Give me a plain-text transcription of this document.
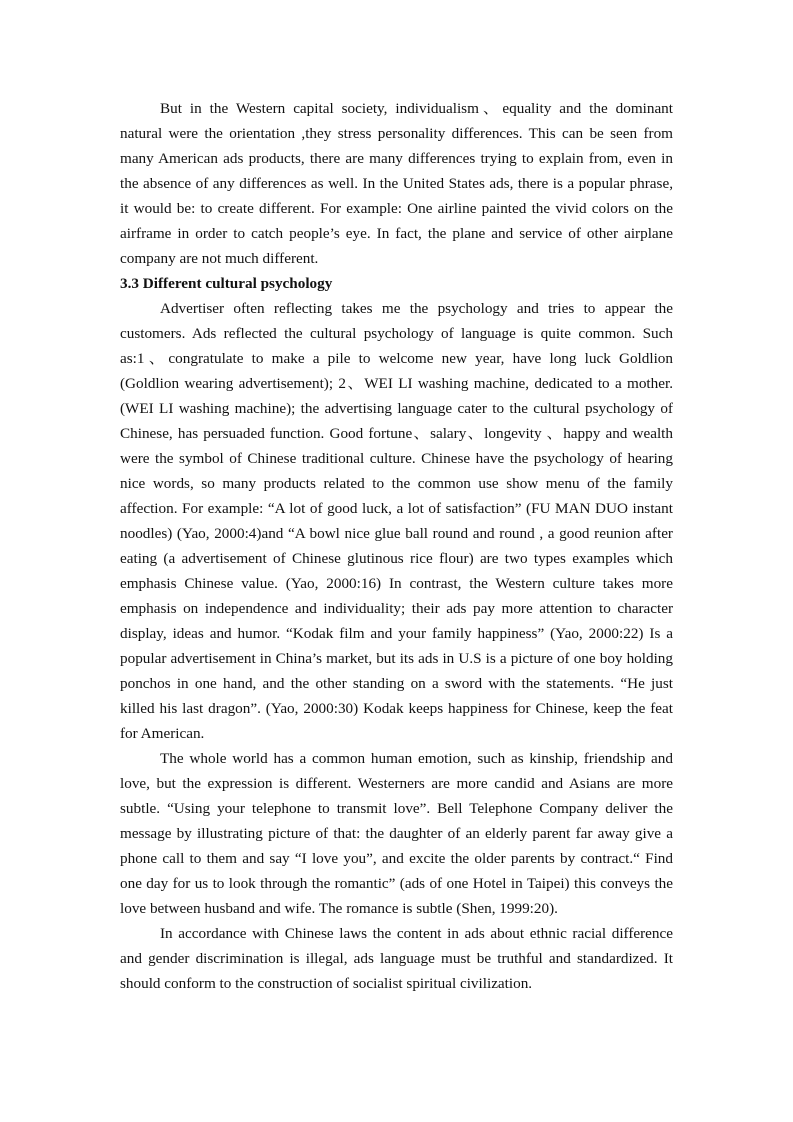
But in the Western capital society, individualism、equality and the dominant natural were the orientation ,they stress personality differences. This can be seen from many American ads products, there are many differences trying to explain from, even in the absence of any differences as well. In the United States ads, there is a popular phrase, it would be: to create different. For example: One airline painted the vivid colors on the airframe in order to catch people’s eye. In fact, the plane and service of other airplane company are not much different.

3.3 Different cultural psychology

Advertiser often reflecting takes me the psychology and tries to appear the customers. Ads reflected the cultural psychology of language is quite common. Such as:1、congratulate to make a pile to welcome new year, have long luck Goldlion (Goldlion wearing advertisement); 2、WEI LI washing machine, dedicated to a mother. (WEI LI washing machine); the advertising language cater to the cultural psychology of Chinese, has persuaded function. Good fortune、salary、longevity 、happy and wealth were the symbol of Chinese traditional culture. Chinese have the psychology of hearing nice words, so many products related to the common use show menu of the family affection. For example: “A lot of good luck, a lot of satisfaction” (FU MAN DUO instant noodles) (Yao, 2000:4)and “A bowl nice glue ball round and round , a good reunion after eating (a advertisement of Chinese glutinous rice flour) are two types examples which emphasis Chinese value. (Yao, 2000:16) In contrast, the Western culture takes more emphasis on independence and individuality; their ads pay more attention to character display, ideas and humor. “Kodak film and your family happiness” (Yao, 2000:22) Is a popular advertisement in China’s market, but its ads in U.S is a picture of one boy holding ponchos in one hand, and the other standing on a sword with the statements. “He just killed his last dragon”. (Yao, 2000:30) Kodak keeps happiness for Chinese, keep the feat for American.

The whole world has a common human emotion, such as kinship, friendship and love, but the expression is different. Westerners are more candid and Asians are more subtle. “Using your telephone to transmit love”. Bell Telephone Company deliver the message by illustrating picture of that: the daughter of an elderly parent far away give a phone call to them and say “I love you”, and excite the older parents by contract.“ Find one day for us to look through the romantic” (ads of one Hotel in Taipei) this conveys the love between husband and wife. The romance is subtle (Shen, 1999:20).

In accordance with Chinese laws the content in ads about ethnic racial difference and gender discrimination is illegal, ads language must be truthful and standardized. It should conform to the construction of socialist spiritual civilization.
